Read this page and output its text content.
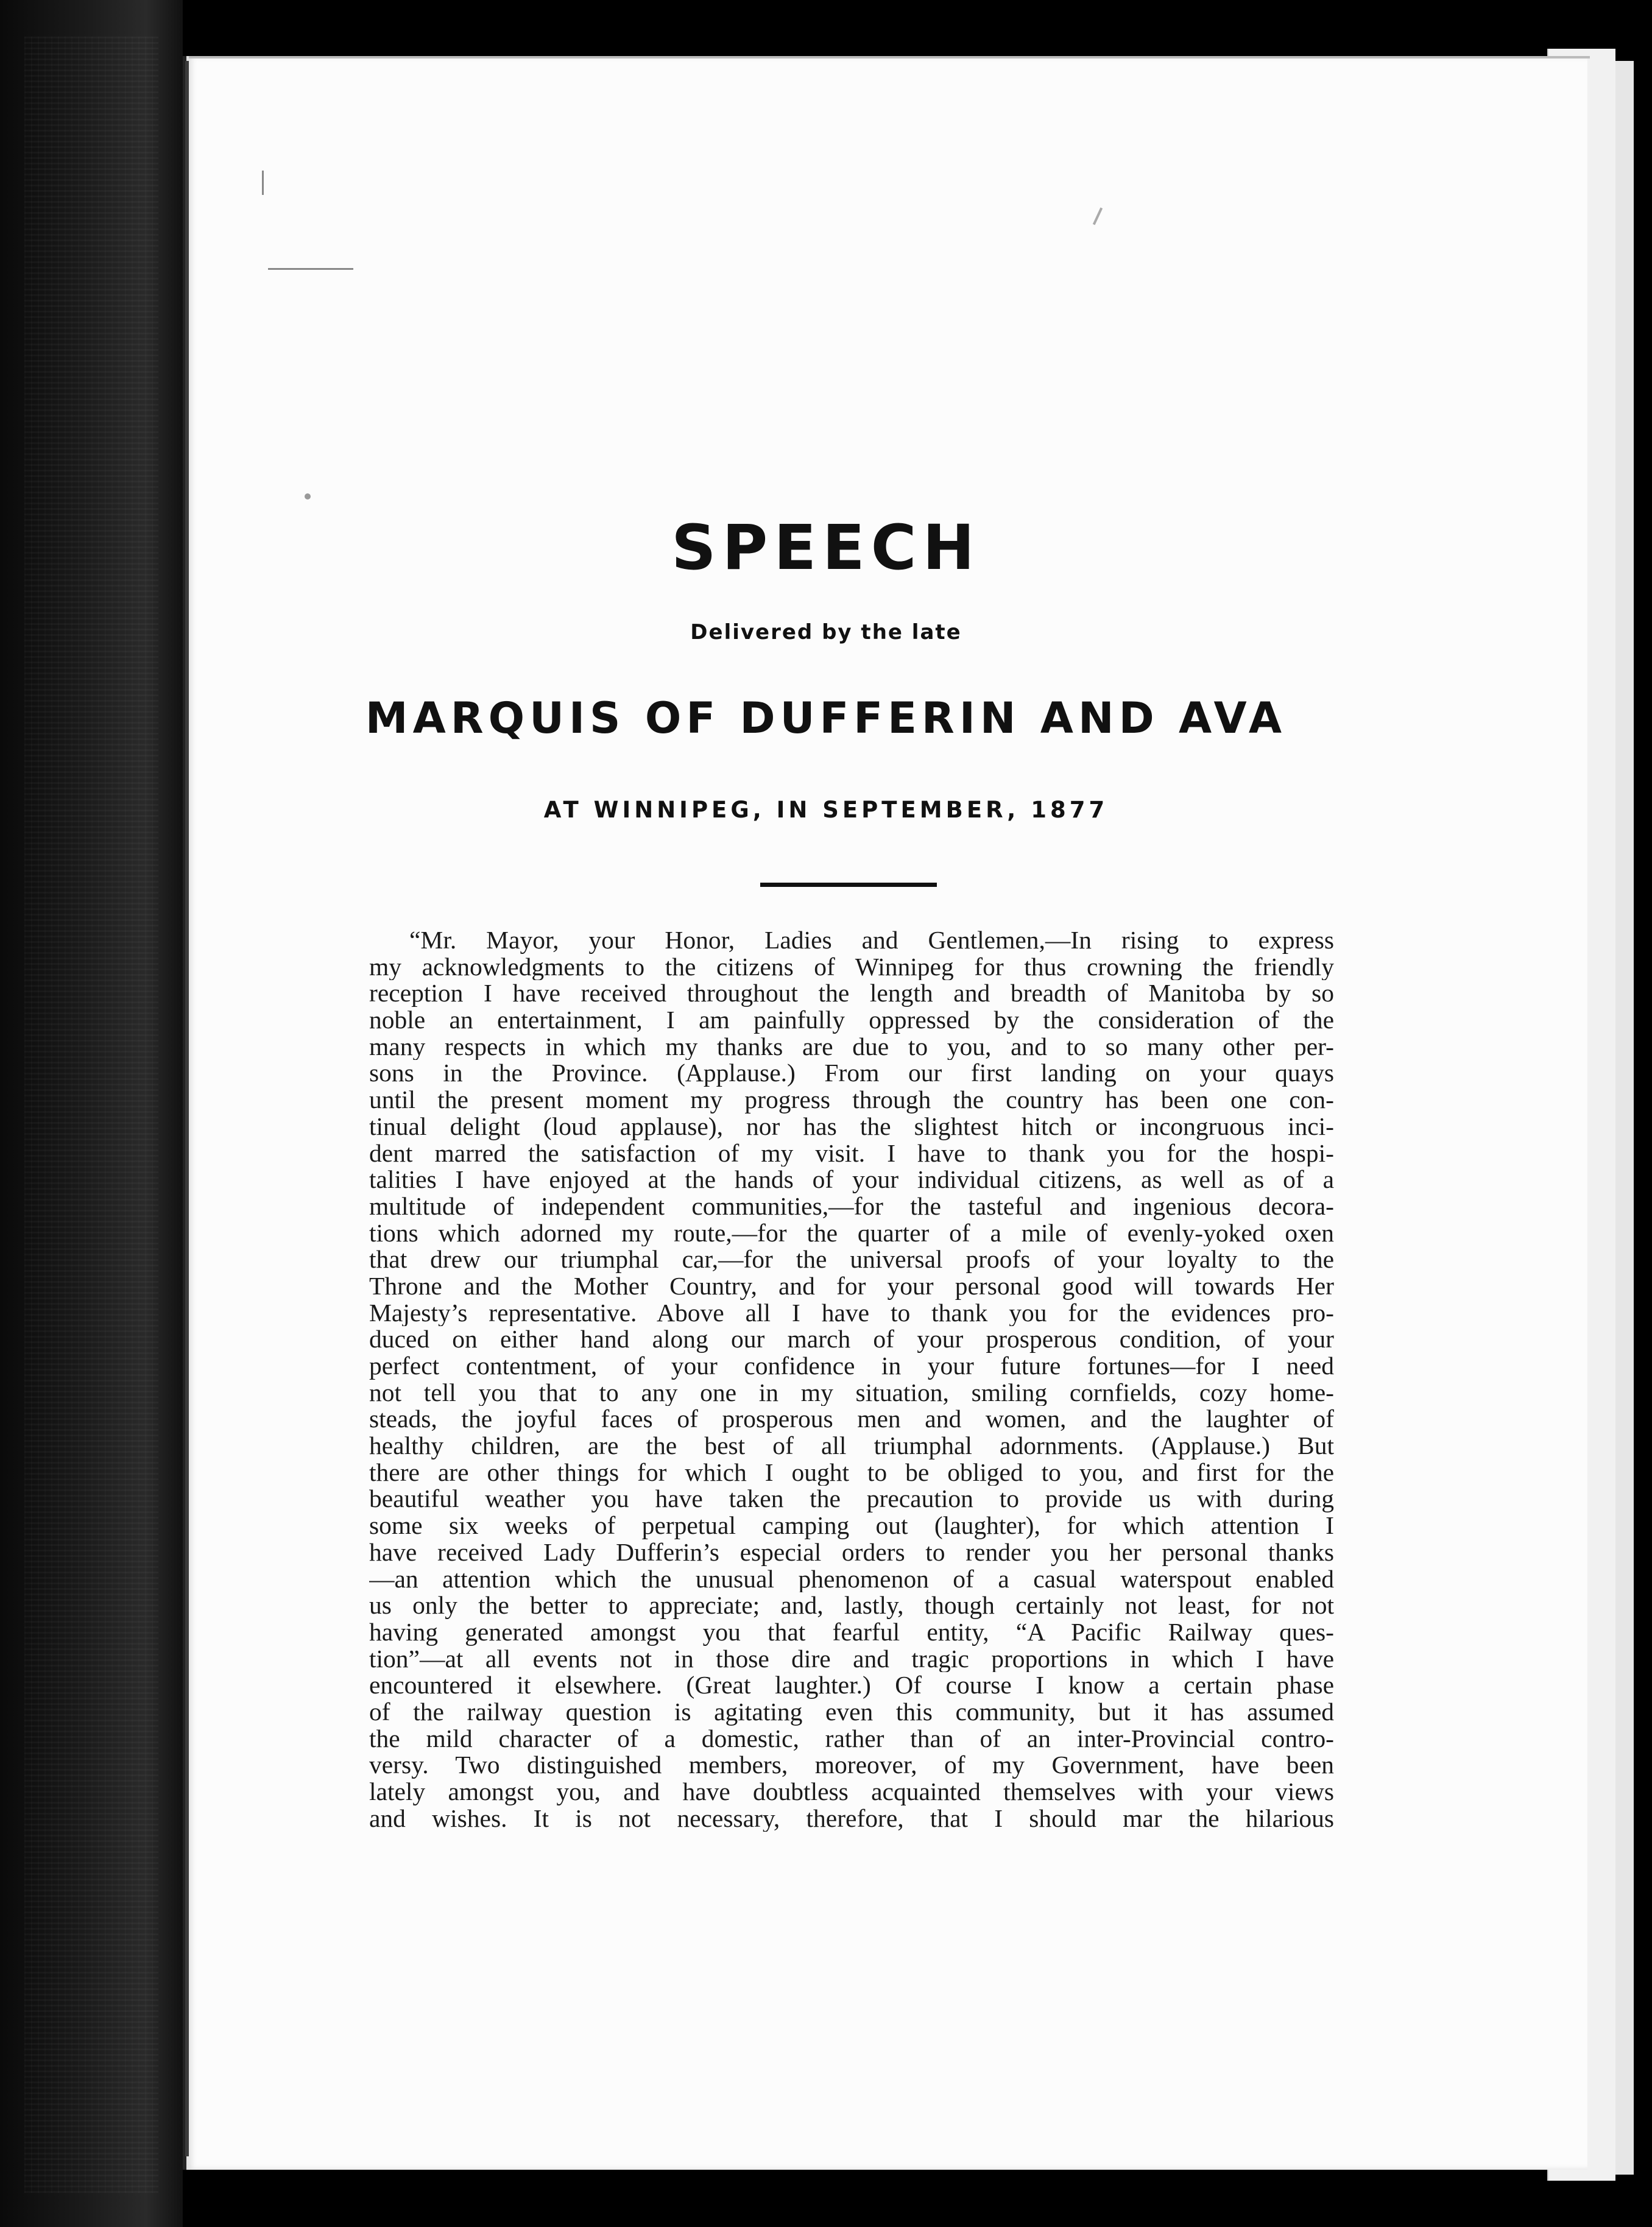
SPEECH
Delivered by the late
MARQUIS OF DUFFERIN AND AVA
AT WINNIPEG, IN SEPTEMBER, 1877
“Mr. Mayor, your Honor, Ladies and Gentlemen,—In rising to express
my acknowledgments to the citizens of Winnipeg for thus crowning the friendly
reception I have received throughout the length and breadth of Manitoba by so
noble an entertainment, I am painfully oppressed by the consideration of the
many respects in which my thanks are due to you, and to so many other per-
sons in the Province. (Applause.) From our first landing on your quays
until the present moment my progress through the country has been one con-
tinual delight (loud applause), nor has the slightest hitch or incongruous inci-
dent marred the satisfaction of my visit. I have to thank you for the hospi-
talities I have enjoyed at the hands of your individual citizens, as well as of a
multitude of independent communities,—for the tasteful and ingenious decora-
tions which adorned my route,—for the quarter of a mile of evenly-yoked oxen
that drew our triumphal car,—for the universal proofs of your loyalty to the
Throne and the Mother Country, and for your personal good will towards Her
Majesty’s representative. Above all I have to thank you for the evidences pro-
duced on either hand along our march of your prosperous condition, of your
perfect contentment, of your confidence in your future fortunes—for I need
not tell you that to any one in my situation, smiling cornfields, cozy home-
steads, the joyful faces of prosperous men and women, and the laughter of
healthy children, are the best of all triumphal adornments. (Applause.) But
there are other things for which I ought to be obliged to you, and first for the
beautiful weather you have taken the precaution to provide us with during
some six weeks of perpetual camping out (laughter), for which attention I
have received Lady Dufferin’s especial orders to render you her personal thanks
—an attention which the unusual phenomenon of a casual waterspout enabled
us only the better to appreciate; and, lastly, though certainly not least, for not
having generated amongst you that fearful entity, “A Pacific Railway ques-
tion”—at all events not in those dire and tragic proportions in which I have
encountered it elsewhere. (Great laughter.) Of course I know a certain phase
of the railway question is agitating even this community, but it has assumed
the mild character of a domestic, rather than of an inter-Provincial contro-
versy. Two distinguished members, moreover, of my Government, have been
lately amongst you, and have doubtless acquainted themselves with your views
and wishes. It is not necessary, therefore, that I should mar the hilarious
